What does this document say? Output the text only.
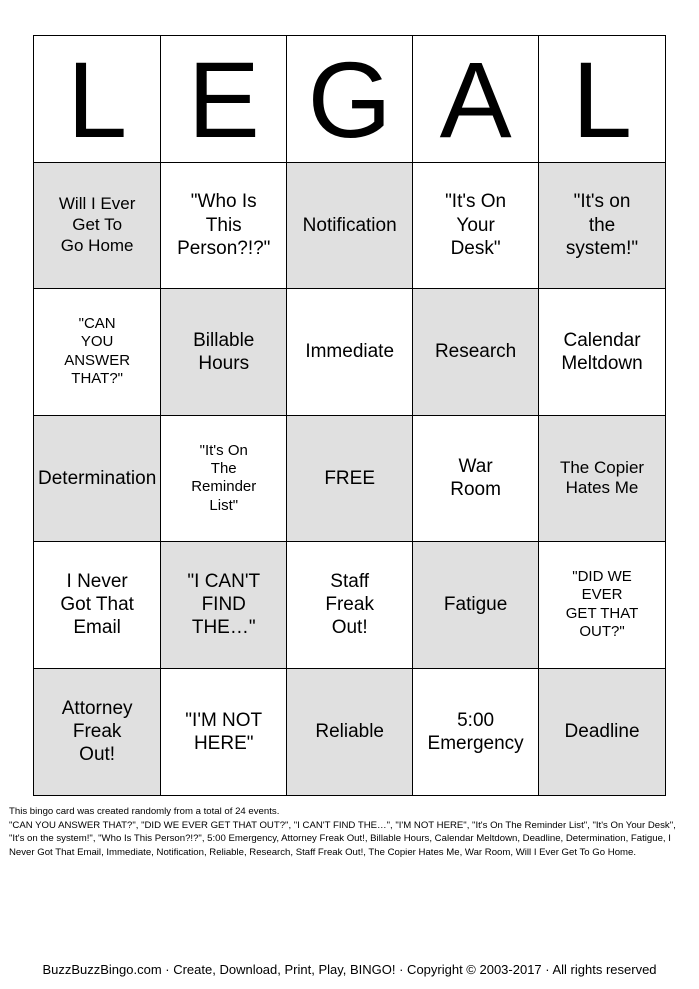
L E G A L
Will I Ever
Get To
Go Home
"Who Is
This
Person?!?"
Notification
"It's On
Your
Desk"
"It's on
the
system!"
"CAN
YOU
ANSWER
THAT?"
Billable
Hours
Immediate Research
Calendar
Meltdown
Determination
"It's On
The
Reminder
List"
FREE
War
Room
The Copier
Hates Me
I Never
Got That
Email
"I CAN'T
FIND
THE…"
Staff
Freak
Out!
Fatigue
"DID WE
EVER
GET THAT
OUT?"
Attorney
Freak
Out!
"I'M NOT
HERE"
Reliable
5:00
Emergency
Deadline
This bingo card was created randomly from a total of 24 events.
"CAN YOU ANSWER THAT?", "DID WE EVER GET THAT OUT?", "I CAN'T FIND THE…", "I'M NOT HERE", "It's On The Reminder List", "It's On Your Desk", "It's on the system!", "Who Is This Person?!?", 5:00 Emergency, Attorney Freak Out!, Billable Hours, Calendar Meltdown, Deadline, Determination, Fatigue, I Never Got That Email, Immediate, Notification, Reliable, Research, Staff Freak Out!, The Copier Hates Me, War Room, Will I Ever Get To Go Home.
BuzzBuzzBingo.com · Create, Download, Print, Play, BINGO! · Copyright © 2003-2017 · All rights reserved
